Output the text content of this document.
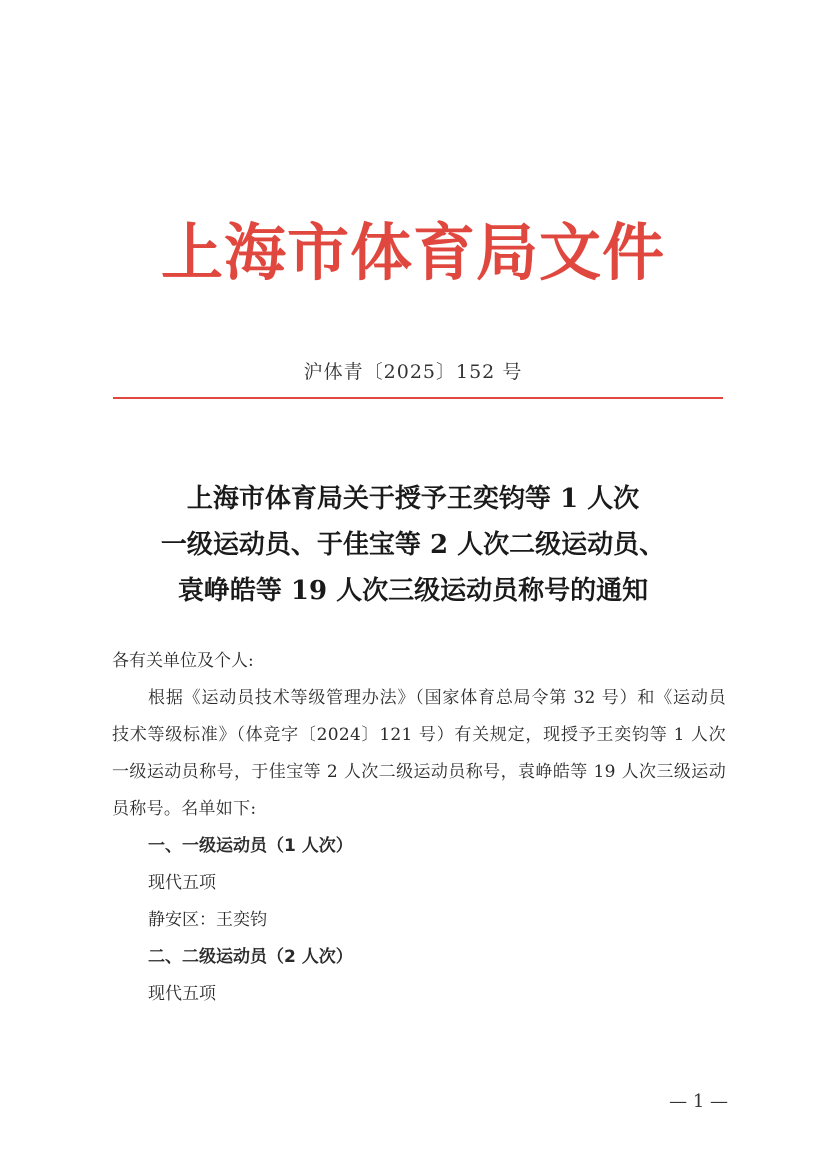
上海市体育局文件
沪体青〔2025〕152 号
上海市体育局关于授予王奕钧等 1 人次
一级运动员、于佳宝等 2 人次二级运动员、
袁峥皓等 19 人次三级运动员称号的通知

各有关单位及个人:

根据《运动员技术等级管理办法》（国家体育总局令第 32 号）和《运动员技术等级标准》（体竞字〔2024〕121 号）有关规定，现授予王奕钧等 1 人次一级运动员称号，于佳宝等 2 人次二级运动员称号，袁峥皓等 19 人次三级运动员称号。名单如下:

一、一级运动员（1 人次）

现代五项

静安区：王奕钧

二、二级运动员（2 人次）

现代五项

— 1 —
